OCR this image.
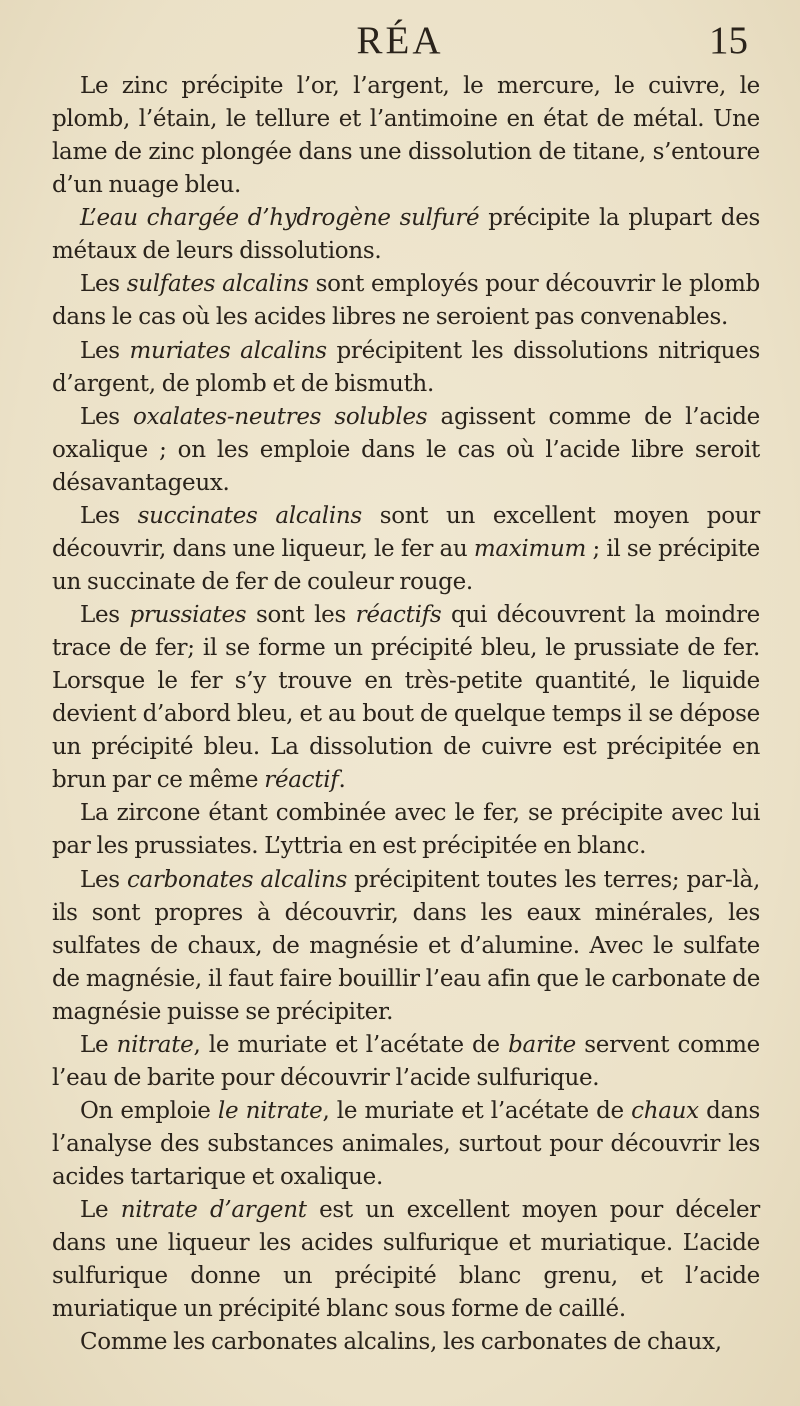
RÉA	15

Le zinc précipite l’or, l’argent, le mercure, le cuivre, le plomb, l’étain, le tellure et l’antimoine en état de métal. Une lame de zinc plongée dans une dissolution de titane, s’entoure d’un nuage bleu.

L’eau chargée d’hydrogène sulfuré précipite la plupart des métaux de leurs dissolutions.

Les sulfates alcalins sont employés pour découvrir le plomb dans le cas où les acides libres ne seroient pas convenables.

Les muriates alcalins précipitent les dissolutions nitriques d’argent, de plomb et de bismuth.

Les oxalates-neutres solubles agissent comme de l’acide oxalique ; on les emploie dans le cas où l’acide libre seroit désavantageux.

Les succinates alcalins sont un excellent moyen pour découvrir, dans une liqueur, le fer au maximum ; il se précipite un succinate de fer de couleur rouge.

Les prussiates sont les réactifs qui découvrent la moindre trace de fer; il se forme un précipité bleu, le prussiate de fer. Lorsque le fer s’y trouve en très-petite quantité, le liquide devient d’abord bleu, et au bout de quelque temps il se dépose un précipité bleu. La dissolution de cuivre est précipitée en brun par ce même réactif.

La zircone étant combinée avec le fer, se précipite avec lui par les prussiates. L’yttria en est précipitée en blanc.

Les carbonates alcalins précipitent toutes les terres; par-là, ils sont propres à découvrir, dans les eaux minérales, les sulfates de chaux, de magnésie et d’alumine. Avec le sulfate de magnésie, il faut faire bouillir l’eau afin que le carbonate de magnésie puisse se précipiter.

Le nitrate, le muriate et l’acétate de barite servent comme l’eau de barite pour découvrir l’acide sulfurique.

On emploie le nitrate, le muriate et l’acétate de chaux dans l’analyse des substances animales, surtout pour découvrir les acides tartarique et oxalique.

Le nitrate d’argent est un excellent moyen pour déceler dans une liqueur les acides sulfurique et muriatique. L’acide sulfurique donne un précipité blanc grenu, et l’acide muriatique un précipité blanc sous forme de caillé.

Comme les carbonates alcalins, les carbonates de chaux,
